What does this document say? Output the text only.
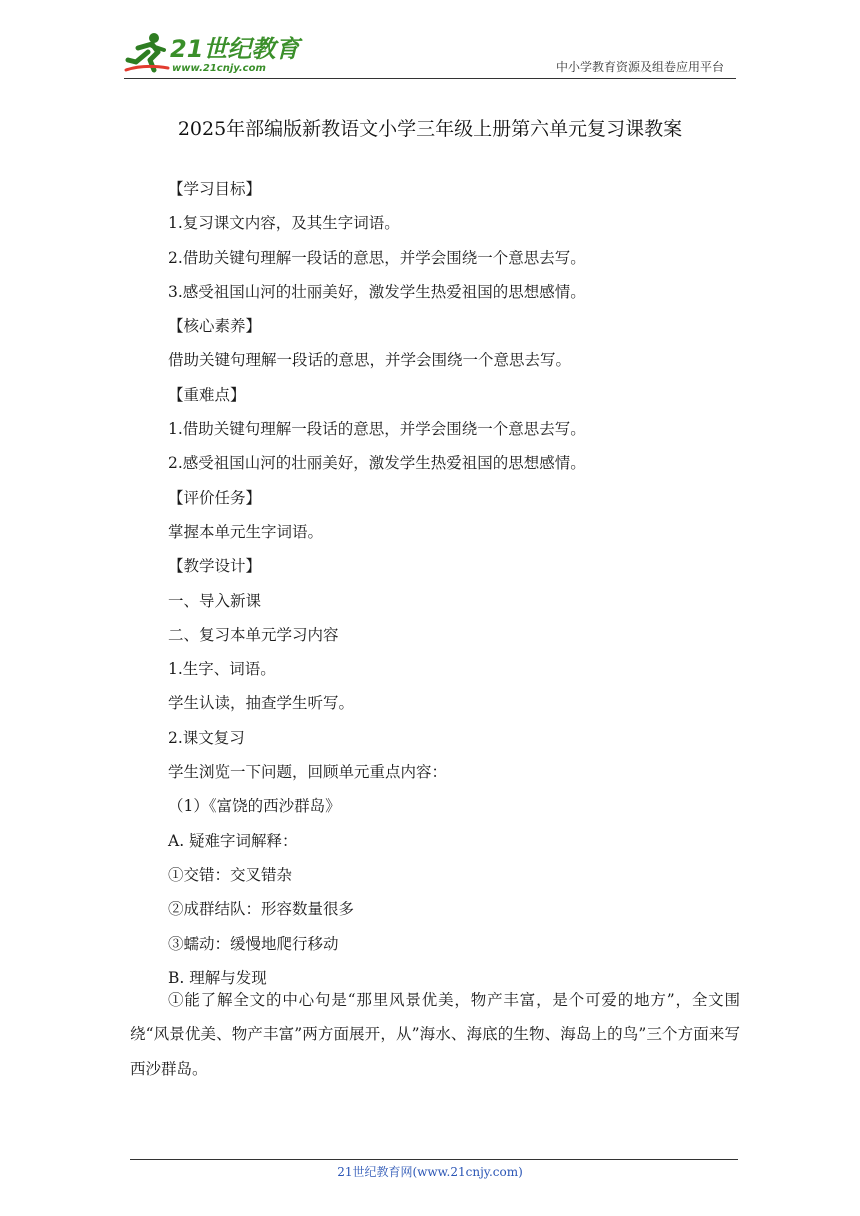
21世纪教育
www.21cnjy.com	中小学教育资源及组卷应用平台
2025年部编版新教语文小学三年级上册第六单元复习课教案
【学习目标】
1.复习课文内容，及其生字词语。
2.借助关键句理解一段话的意思，并学会围绕一个意思去写。
3.感受祖国山河的壮丽美好，激发学生热爱祖国的思想感情。
【核心素养】
借助关键句理解一段话的意思，并学会围绕一个意思去写。
【重难点】
1.借助关键句理解一段话的意思，并学会围绕一个意思去写。
2.感受祖国山河的壮丽美好，激发学生热爱祖国的思想感情。
【评价任务】
掌握本单元生字词语。
【教学设计】
一、导入新课
二、复习本单元学习内容
1.生字、词语。
学生认读，抽查学生听写。
2.课文复习
学生浏览一下问题，回顾单元重点内容：
（1）《富饶的西沙群岛》
A. 疑难字词解释：
①交错：交叉错杂
②成群结队：形容数量很多
③蠕动：缓慢地爬行移动
B. 理解与发现
①能了解全文的中心句是“那里风景优美，物产丰富，是个可爱的地方”，全文围绕“风景优美、物产丰富”两方面展开，从”海水、海底的生物、海岛上的鸟”三个方面来写西沙群岛。
21世纪教育网(www.21cnjy.com)
